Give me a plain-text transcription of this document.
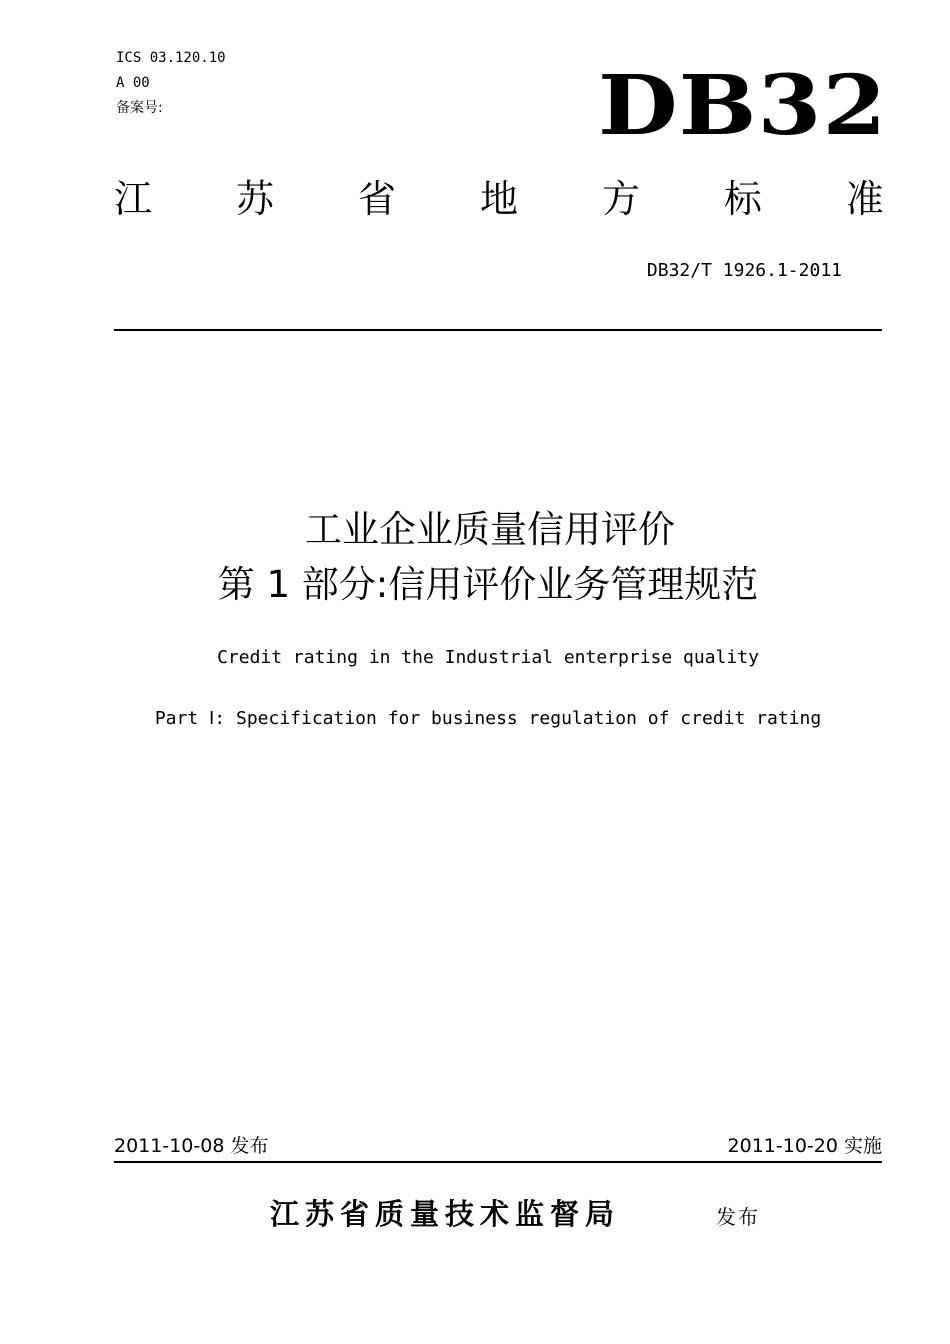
ICS 03.120.10
A 00
备案号:	DB32
江 苏 省 地 方 标 准
DB32/T 1926.1-2011
工业企业质量信用评价
第 1 部分:信用评价业务管理规范
Credit rating in the Industrial enterprise quality
Part Ⅰ: Specification for business regulation of credit rating
2011-10-08 发布	2011-10-20 实施
江苏省质量技术监督局	发布
